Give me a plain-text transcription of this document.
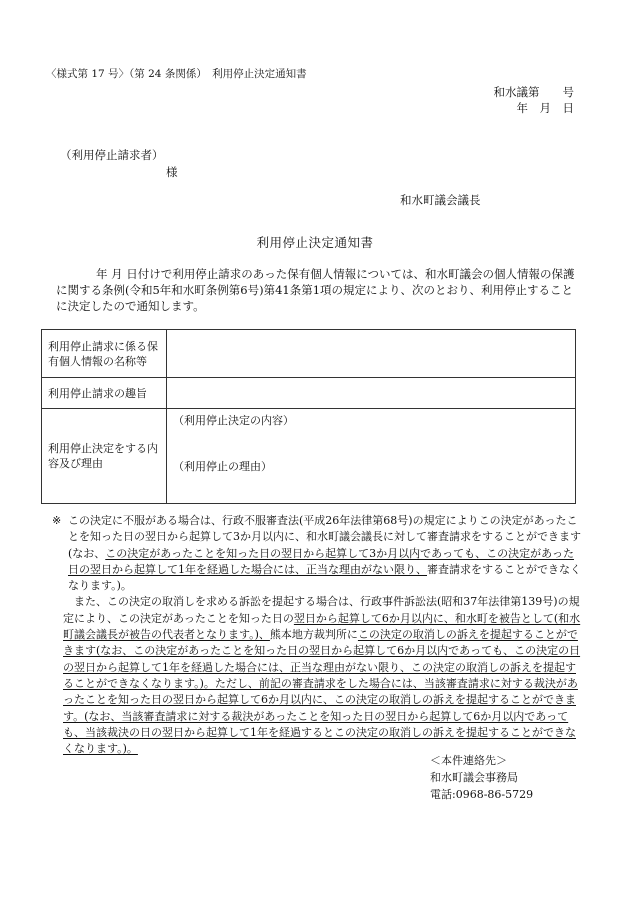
〈様式第 17 号〉（第 24 条関係）　利用停止決定通知書

和水議第　　号

年　月　日

（利用停止請求者）

様

和水町議会議長

利用停止決定通知書

年 月 日付けで利用停止請求のあった保有個人情報については、和水町議会の個人情報の保護に関する条例(令和5年和水町条例第6号)第41条第1項の規定により、次のとおり、利用停止することに決定したので通知します。

利用停止請求に係る保有個人情報の名称等	
利用停止請求の趣旨	
利用停止決定をする内容及び理由	（利用停止決定の内容）
（利用停止の理由）
※ この決定に不服がある場合は、行政不服審査法(平成26年法律第68号)の規定によりこの決定があったことを知った日の翌日から起算して3か月以内に、和水町議会議長に対して審査請求をすることができます(なお、この決定があったことを知った日の翌日から起算して3か月以内であっても、この決定があった日の翌日から起算して1年を経過した場合には、正当な理由がない限り、審査請求をすることができなくなります。)。

また、この決定の取消しを求める訴訟を提起する場合は、行政事件訴訟法(昭和37年法律第139号)の規定により、この決定があったことを知った日の翌日から起算して6か月以内に、和水町を被告として(和水町議会議長が被告の代表者となります。)、熊本地方裁判所にこの決定の取消しの訴えを提起することができます(なお、この決定があったことを知った日の翌日から起算して6か月以内であっても、この決定の日の翌日から起算して1年を経過した場合には、正当な理由がない限り、この決定の取消しの訴えを提起することができなくなります。)。ただし、前記の審査請求をした場合には、当該審査請求に対する裁決があったことを知った日の翌日から起算して6か月以内に、この決定の取消しの訴えを提起することができます。(なお、当該審査請求に対する裁決があったことを知った日の翌日から起算して6か月以内であっても、当該裁決の日の翌日から起算して1年を経過するとこの決定の取消しの訴えを提起することができなくなります。)。

＜本件連絡先＞
和水町議会事務局
電話:0968-86-5729
